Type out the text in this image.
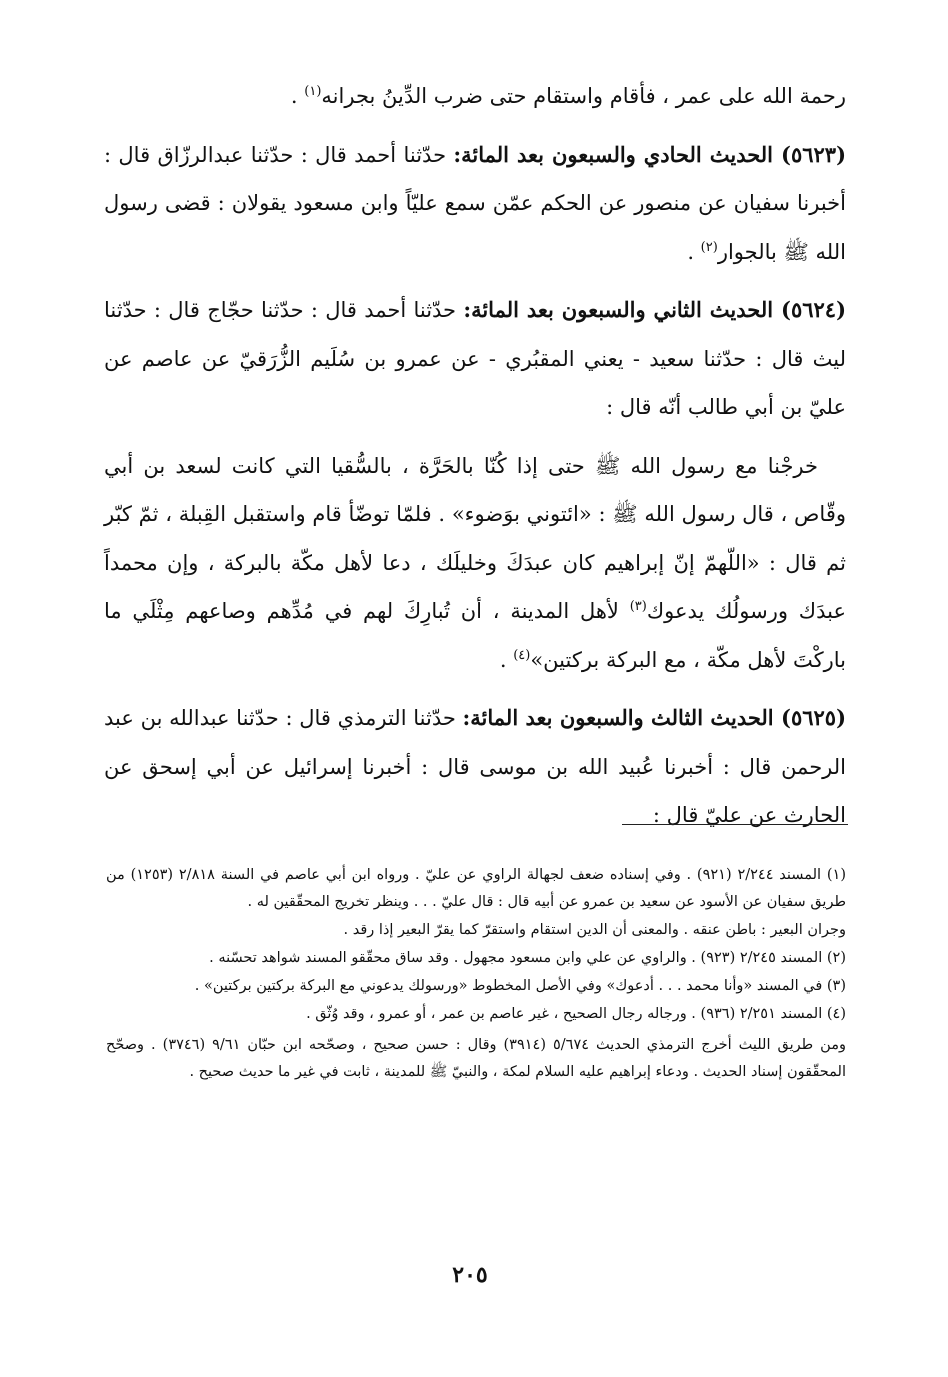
رحمة الله على عمر ، فأقام واستقام حتى ضرب الدِّينُ بجرانه$^{(١)}$ .

(٥٦٢٣) الحديث الحادي والسبعون بعد المائة: حدّثنا أحمد قال : حدّثنا عبدالرزّاق قال : أخبرنا سفيان عن منصور عن الحكم عمّن سمع عليّاً وابن مسعود يقولان : قضى رسول الله ﷺ بالجوار$^{(٢)}$ .

(٥٦٢٤) الحديث الثاني والسبعون بعد المائة: حدّثنا أحمد قال : حدّثنا حجّاج قال : حدّثنا ليث قال : حدّثنا سعيد - يعني المقبُري - عن عمرو بن سُلَيم الزُّرَقيّ عن عاصم عن عليّ بن أبي طالب أنّه قال :

خرجْنا مع رسول الله ﷺ حتى إذا كُنّا بالحَرَّة ، بالسُّقيا التي كانت لسعد بن أبي وقّاص ، قال رسول الله ﷺ : «ائتوني بوَضوء» . فلمّا توضّأ قام واستقبل القِبلة ، ثمّ كبّر ثم قال : «اللّهمّ إنّ إبراهيم كان عبدَكَ وخليلَك ، دعا لأهل مكّة بالبركة ، وإن محمداً عبدَك ورسولُك يدعوك$^{(٣)}$ لأهل المدينة ، أن تُبارِكَ لهم في مُدِّهم وصاعهم مِثْلَي ما باركْتَ لأهل مكّة ، مع البركة بركتين»$^{(٤)}$ .

(٥٦٢٥) الحديث الثالث والسبعون بعد المائة: حدّثنا الترمذي قال : حدّثنا عبدالله بن عبد الرحمن قال : أخبرنا عُبيد الله بن موسى قال : أخبرنا إسرائيل عن أبي إسحق عن الحارث عن عليّ قال :

(١) المسند ٢/٢٤٤ (٩٢١) . وفي إسناده ضعف لجهالة الراوي عن عليّ . ورواه ابن أبي عاصم في السنة ٢/٨١٨ (١٢٥٣) من طريق سفيان عن الأسود عن سعيد بن عمرو عن أبيه قال : قال عليّ . . . وينظر تخريج المحقّقين له .

وجران البعير : باطن عنقه . والمعنى أن الدين استقام واستقرّ كما يقرّ البعير إذا رقد .

(٢) المسند ٢/٢٤٥ (٩٢٣) . والراوي عن علي وابن مسعود مجهول . وقد ساق محقّقو المسند شواهد تحسّنه .

(٣) في المسند «وأنا محمد . . . أدعوك» وفي الأصل المخطوط «ورسولك يدعوني مع البركة بركتين بركتين» .

(٤) المسند ٢/٢٥١ (٩٣٦) . ورجاله رجال الصحيح ، غير عاصم بن عمر ، أو عمرو ، وقد وُثّق .

ومن طريق الليث أخرج الترمذي الحديث ٥/٦٧٤ (٣٩١٤) وقال : حسن صحيح ، وصحّحه ابن حبّان ٩/٦١ (٣٧٤٦) . وصحّح المحقّقون إسناد الحديث . ودعاء إبراهيم عليه السلام لمكة ، والنبيّ ﷺ للمدينة ، ثابت في غير ما حديث صحيح .

٢٠٥
